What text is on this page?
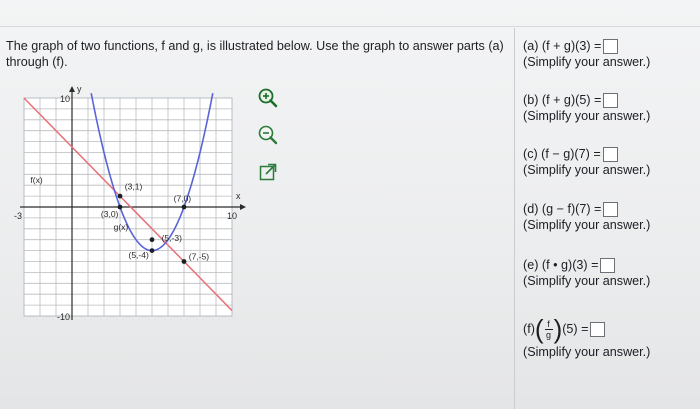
The graph of two functions, f and g, is illustrated below. Use the graph to answer parts (a) through (f).
y
x
10
-10
-3	10
f(x)
g(x)
(3,0)
(3,1)
(7,0)
(5,-3)
(5,-4)	(7,-5)
(a) (f + g)(3) =
(Simplify your answer.)
(b) (f + g)(5) =
(Simplify your answer.)
(c) (f − g)(7) =
(Simplify your answer.)
(d) (g − f)(7) =
(Simplify your answer.)
(e) (f • g)(3) =
(Simplify your answer.)
(f) ( $\frac{f}{g}$ ) (5) =
(Simplify your answer.)
